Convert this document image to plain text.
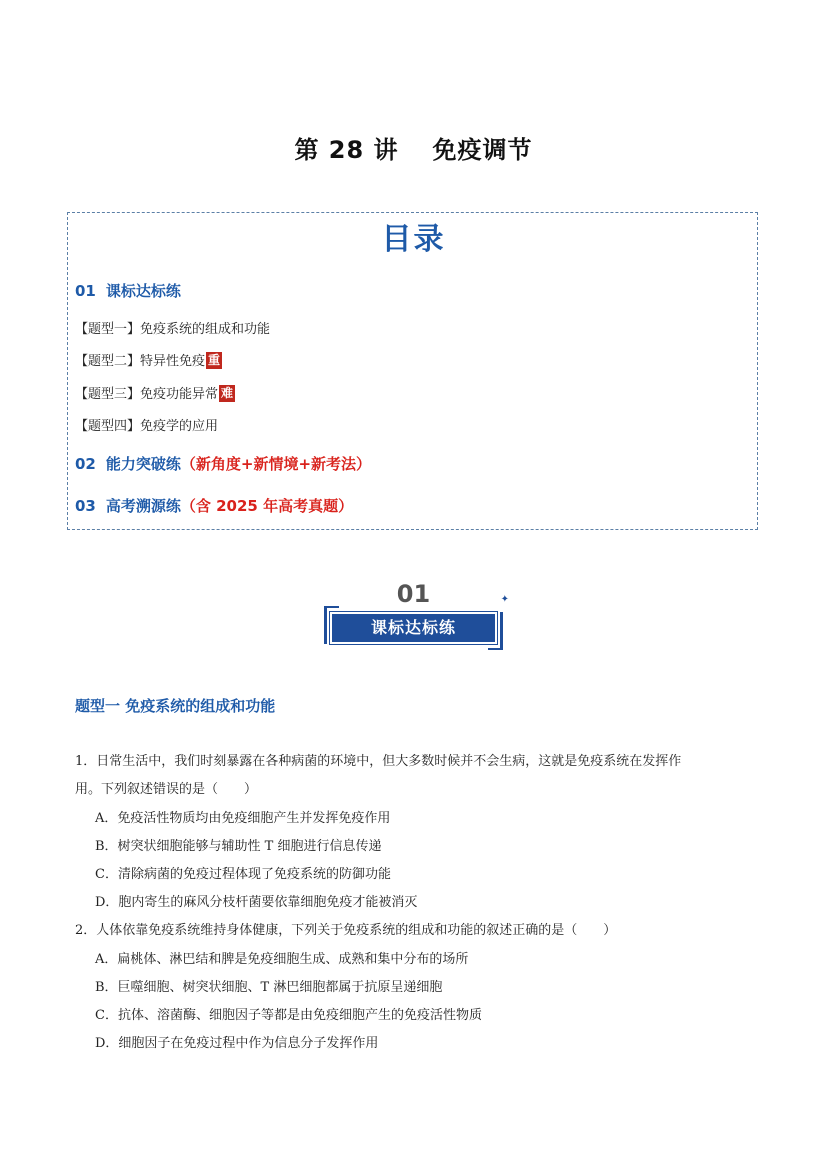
第 28 讲 免疫调节
目录
01 课标达标练
【题型一】免疫系统的组成和功能
【题型二】特异性免疫 重
【题型三】免疫功能异常 难
【题型四】免疫学的应用
02 能力突破练（新角度+新情境+新考法）
03 高考溯源练（含 2025 年高考真题）
01
课标达标练
✦
题型一 免疫系统的组成和功能
1．日常生活中，我们时刻暴露在各种病菌的环境中，但大多数时候并不会生病，这就是免疫系统在发挥作
用。下列叙述错误的是（　　）
A．免疫活性物质均由免疫细胞产生并发挥免疫作用
B．树突状细胞能够与辅助性 T 细胞进行信息传递
C．清除病菌的免疫过程体现了免疫系统的防御功能
D．胞内寄生的麻风分枝杆菌要依靠细胞免疫才能被消灭
2．人体依靠免疫系统维持身体健康，下列关于免疫系统的组成和功能的叙述正确的是（　　）
A．扁桃体、淋巴结和脾是免疫细胞生成、成熟和集中分布的场所
B．巨噬细胞、树突状细胞、T 淋巴细胞都属于抗原呈递细胞
C．抗体、溶菌酶、细胞因子等都是由免疫细胞产生的免疫活性物质
D．细胞因子在免疫过程中作为信息分子发挥作用
